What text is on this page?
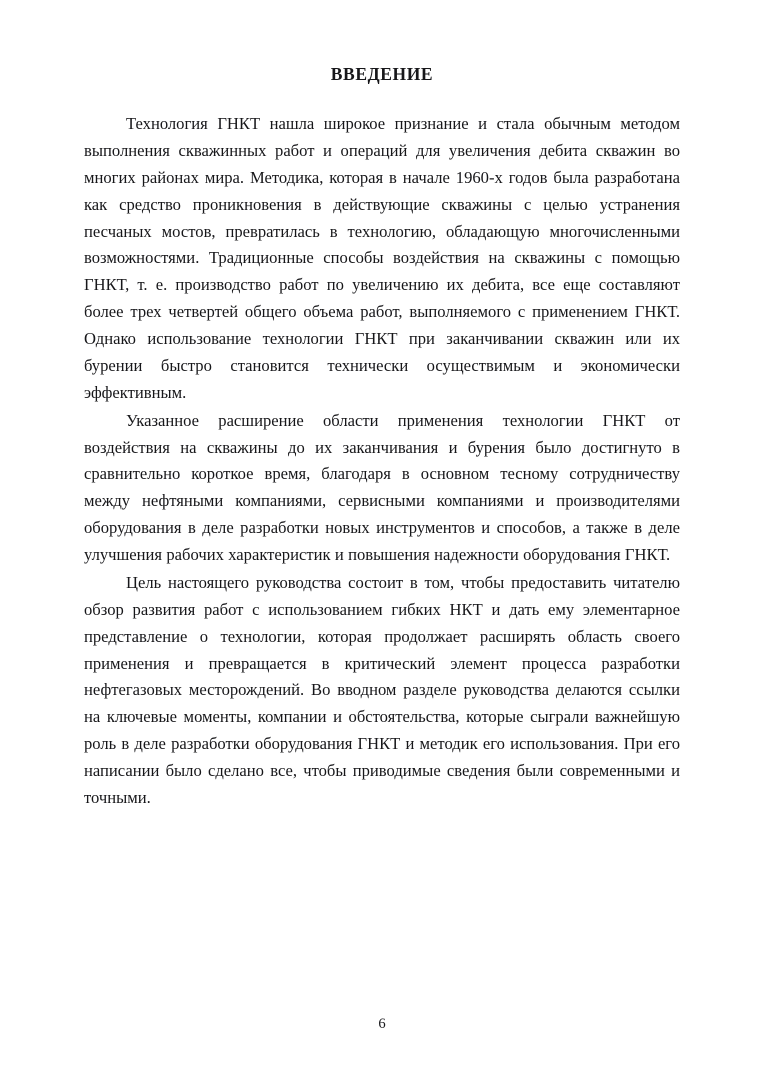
ВВЕДЕНИЕ

Технология ГНКТ нашла широкое признание и стала обычным методом выполнения скважинных работ и операций для увеличения дебита скважин во многих районах мира. Методика, которая в начале 1960-х годов была разработана как средство проникновения в действующие скважины с целью устранения песчаных мостов, превратилась в технологию, обладающую многочисленными возможностями. Традиционные способы воздействия на скважины с помощью ГНКТ, т. е. производство работ по увеличению их дебита, все еще составляют более трех четвертей общего объема работ, выполняемого с применением ГНКТ. Однако использование технологии ГНКТ при заканчивании скважин или их бурении быстро становится технически осуществимым и экономически эффективным.

Указанное расширение области применения технологии ГНКТ от воздействия на скважины до их заканчивания и бурения было достигнуто в сравнительно короткое время, благодаря в основном тесному сотрудничеству между нефтяными компаниями, сервисными компаниями и производителями оборудования в деле разработки новых инструментов и способов, а также в деле улучшения рабочих характеристик и повышения надежности оборудования ГНКТ.

Цель настоящего руководства состоит в том, чтобы предоставить читателю обзор развития работ с использованием гибких НКТ и дать ему элементарное представление о технологии, которая продолжает расширять область своего применения и превращается в критический элемент процесса разработки нефтегазовых месторождений. Во вводном разделе руководства делаются ссылки на ключевые моменты, компании и обстоятельства, которые сыграли важнейшую роль в деле разработки оборудования ГНКТ и методик его использования. При его написании было сделано все, чтобы приводимые сведения были современными и точными.

6
